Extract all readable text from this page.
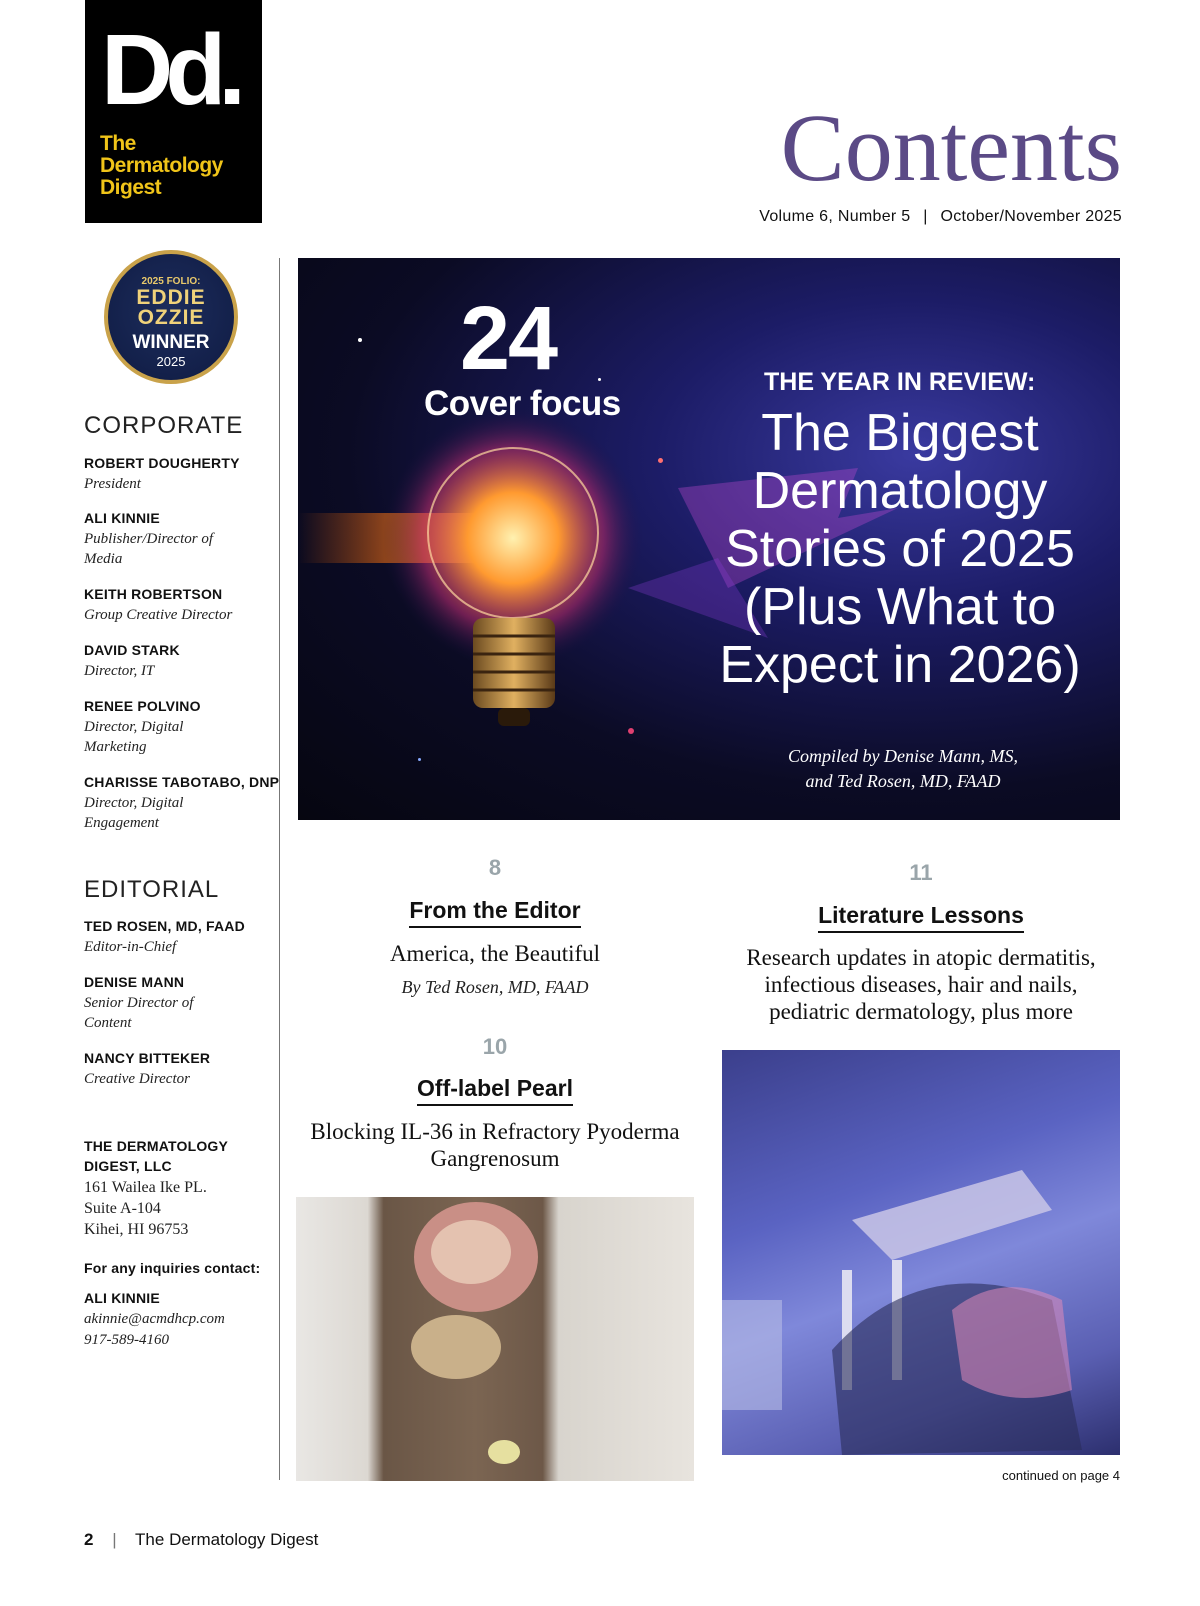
Dd.
The
Dermatology
Digest
2025 FOLIO:
EDDIE
OZZIE
WINNER
2025
CORPORATE
ROBERT DOUGHERTY
President
ALI KINNIE
Publisher/Director of Media
KEITH ROBERTSON
Group Creative Director
DAVID STARK
Director, IT
RENEE POLVINO
Director, Digital Marketing
CHARISSE TABOTABO, DNP
Director, Digital Engagement
EDITORIAL
TED ROSEN, MD, FAAD
Editor-in-Chief
DENISE MANN
Senior Director of Content
NANCY BITTEKER
Creative Director
THE DERMATOLOGY
DIGEST, LLC
161 Wailea Ike PL.
Suite A-104
Kihei, HI 96753
For any inquiries contact:
ALI KINNIE
akinnie@acmdhcp.com
917-589-4160
Contents
Volume 6, Number 5 | October/November 2025
24
Cover focus
THE YEAR IN REVIEW:
The Biggest Dermatology Stories of 2025 (Plus What to Expect in 2026)
Compiled by Denise Mann, MS,
and Ted Rosen, MD, FAAD
8
From the Editor
America, the Beautiful
By Ted Rosen, MD, FAAD
10
Off-label Pearl
Blocking IL-36 in Refractory Pyoderma Gangrenosum
11
Literature Lessons
Research updates in atopic dermatitis, infectious diseases, hair and nails, pediatric dermatology, plus more
continued on page 4
2 | The Dermatology Digest
